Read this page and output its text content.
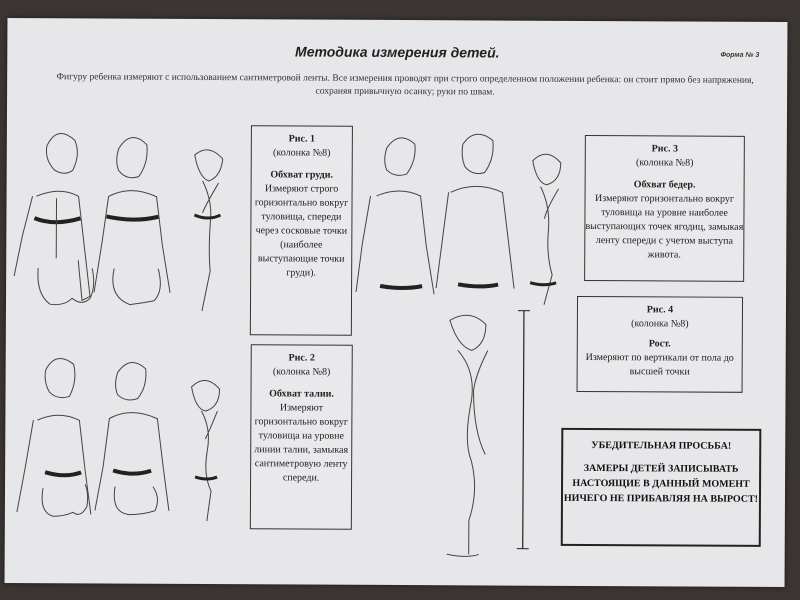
Методика измерения детей.	Форма № 3
Фигуру ребенка измеряют с использованием сантиметровой ленты. Все измерения проводят при строго определенном положении ребенка: он стоит прямо без напряжения, сохраняя привычную осанку; руки по швам.
Рис. 1
(колонка №8)
Обхват груди.
Измеряют строго горизонтально вокруг туловища, спереди через сосковые точки (наиболее выступающие точки груди).
Рис. 2
(колонка №8)
Обхват талии.
Измеряют горизонтально вокруг туловища на уровне линии талии, замыкая сантиметровую ленту спереди.
Рис. 3
(колонка №8)
Обхват бедер.
Измеряют горизонтально вокруг туловища на уровне наиболее выступающих точек ягодиц, замыкая ленту спереди с учетом выступа живота.
Рис. 4
(колонка №8)
Рост.
Измеряют по вертикали от пола до высшей точки
УБЕДИТЕЛЬНАЯ ПРОСЬБА!
ЗАМЕРЫ ДЕТЕЙ ЗАПИСЫВАТЬ НАСТОЯЩИЕ В ДАННЫЙ МОМЕНТ НИЧЕГО НЕ ПРИБАВЛЯЯ НА ВЫРОСТ!
